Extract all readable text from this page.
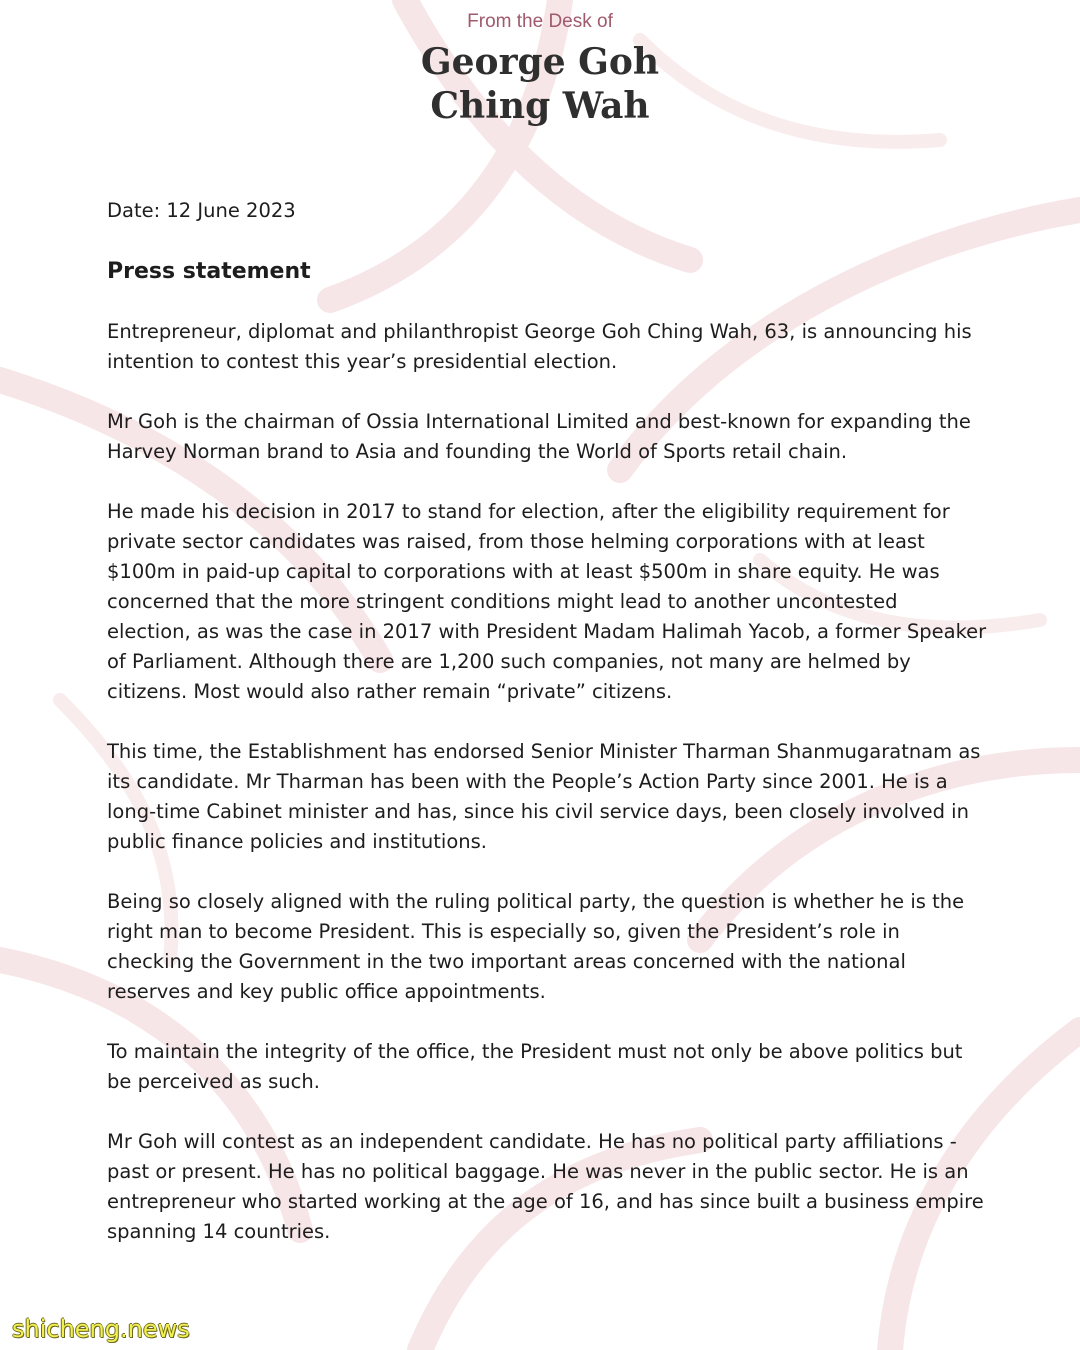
From the Desk of

George Goh
Ching Wah

Date: 12 June 2023

Press statement

Entrepreneur, diplomat and philanthropist George Goh Ching Wah, 63, is announcing his intention to contest this year’s presidential election.

Mr Goh is the chairman of Ossia International Limited and best-known for expanding the Harvey Norman brand to Asia and founding the World of Sports retail chain.

He made his decision in 2017 to stand for election, after the eligibility requirement for private sector candidates was raised, from those helming corporations with at least $100m in paid-up capital to corporations with at least $500m in share equity. He was concerned that the more stringent conditions might lead to another uncontested election, as was the case in 2017 with President Madam Halimah Yacob, a former Speaker of Parliament. Although there are 1,200 such companies, not many are helmed by citizens. Most would also rather remain “private” citizens.

This time, the Establishment has endorsed Senior Minister Tharman Shanmugaratnam as its candidate. Mr Tharman has been with the People’s Action Party since 2001. He is a long-time Cabinet minister and has, since his civil service days, been closely involved in public finance policies and institutions.

Being so closely aligned with the ruling political party, the question is whether he is the right man to become President. This is especially so, given the President’s role in checking the Government in the two important areas concerned with the national reserves and key public office appointments.

To maintain the integrity of the office, the President must not only be above politics but be perceived as such.

Mr Goh will contest as an independent candidate. He has no political party affiliations - past or present. He has no political baggage. He was never in the public sector. He is an entrepreneur who started working at the age of 16, and has since built a business empire spanning 14 countries.

shicheng.news
